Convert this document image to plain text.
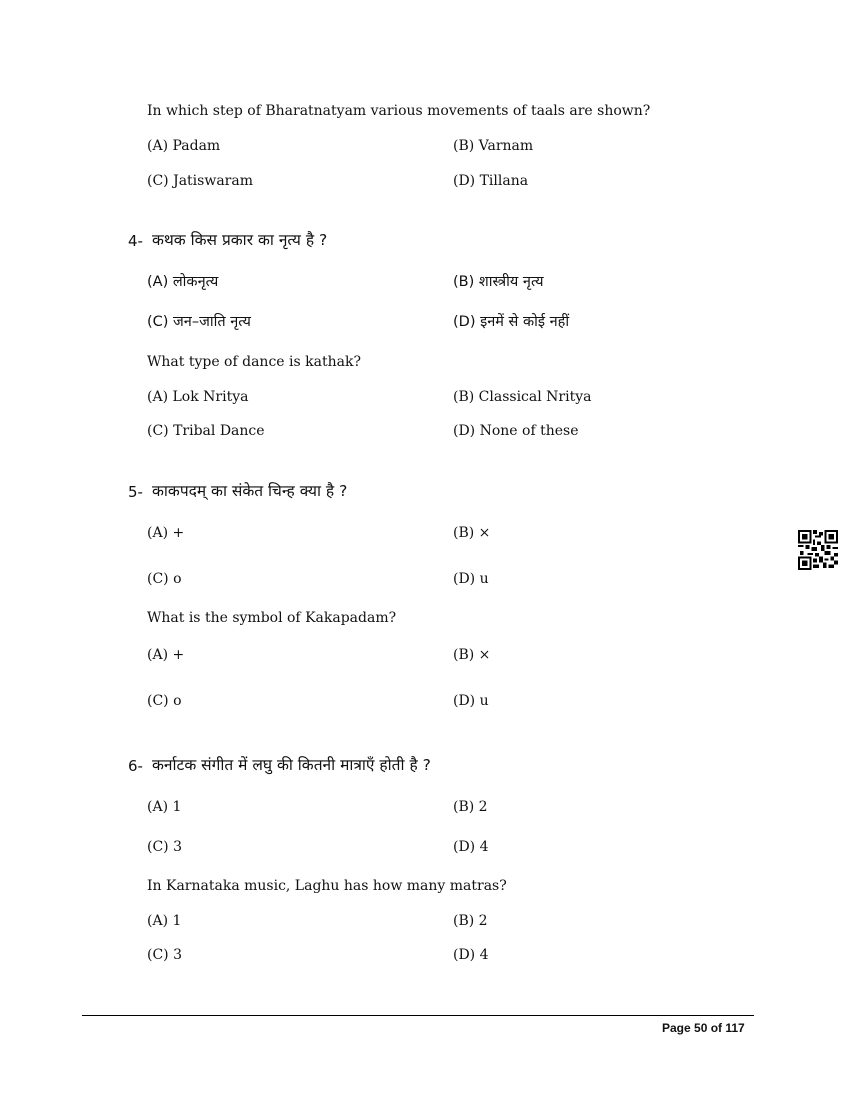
In which step of Bharatnatyam various movements of taals are shown?
(A) Padam	(B) Varnam
(C) Jatiswaram	(D) Tillana
4- कथक किस प्रकार का नृत्य है ?
(A) लोकनृत्य	(B) शास्त्रीय नृत्य
(C) जन–जाति नृत्य	(D) इनमें से कोई नहीं
What type of dance is kathak?
(A) Lok Nritya	(B) Classical Nritya
(C) Tribal Dance	(D) None of these
5- काकपदम् का संकेत चिन्ह क्या है ?
(A) +	(B) ×
(C) o	(D) u
What is the symbol of Kakapadam?
(A) +	(B) ×
(C) o	(D) u
6- कर्नाटक संगीत में लघु की कितनी मात्राएँ होती है ?
(A) 1	(B) 2
(C) 3	(D) 4
In Karnataka music, Laghu has how many matras?
(A) 1	(B) 2
(C) 3	(D) 4
Page 50 of 117
